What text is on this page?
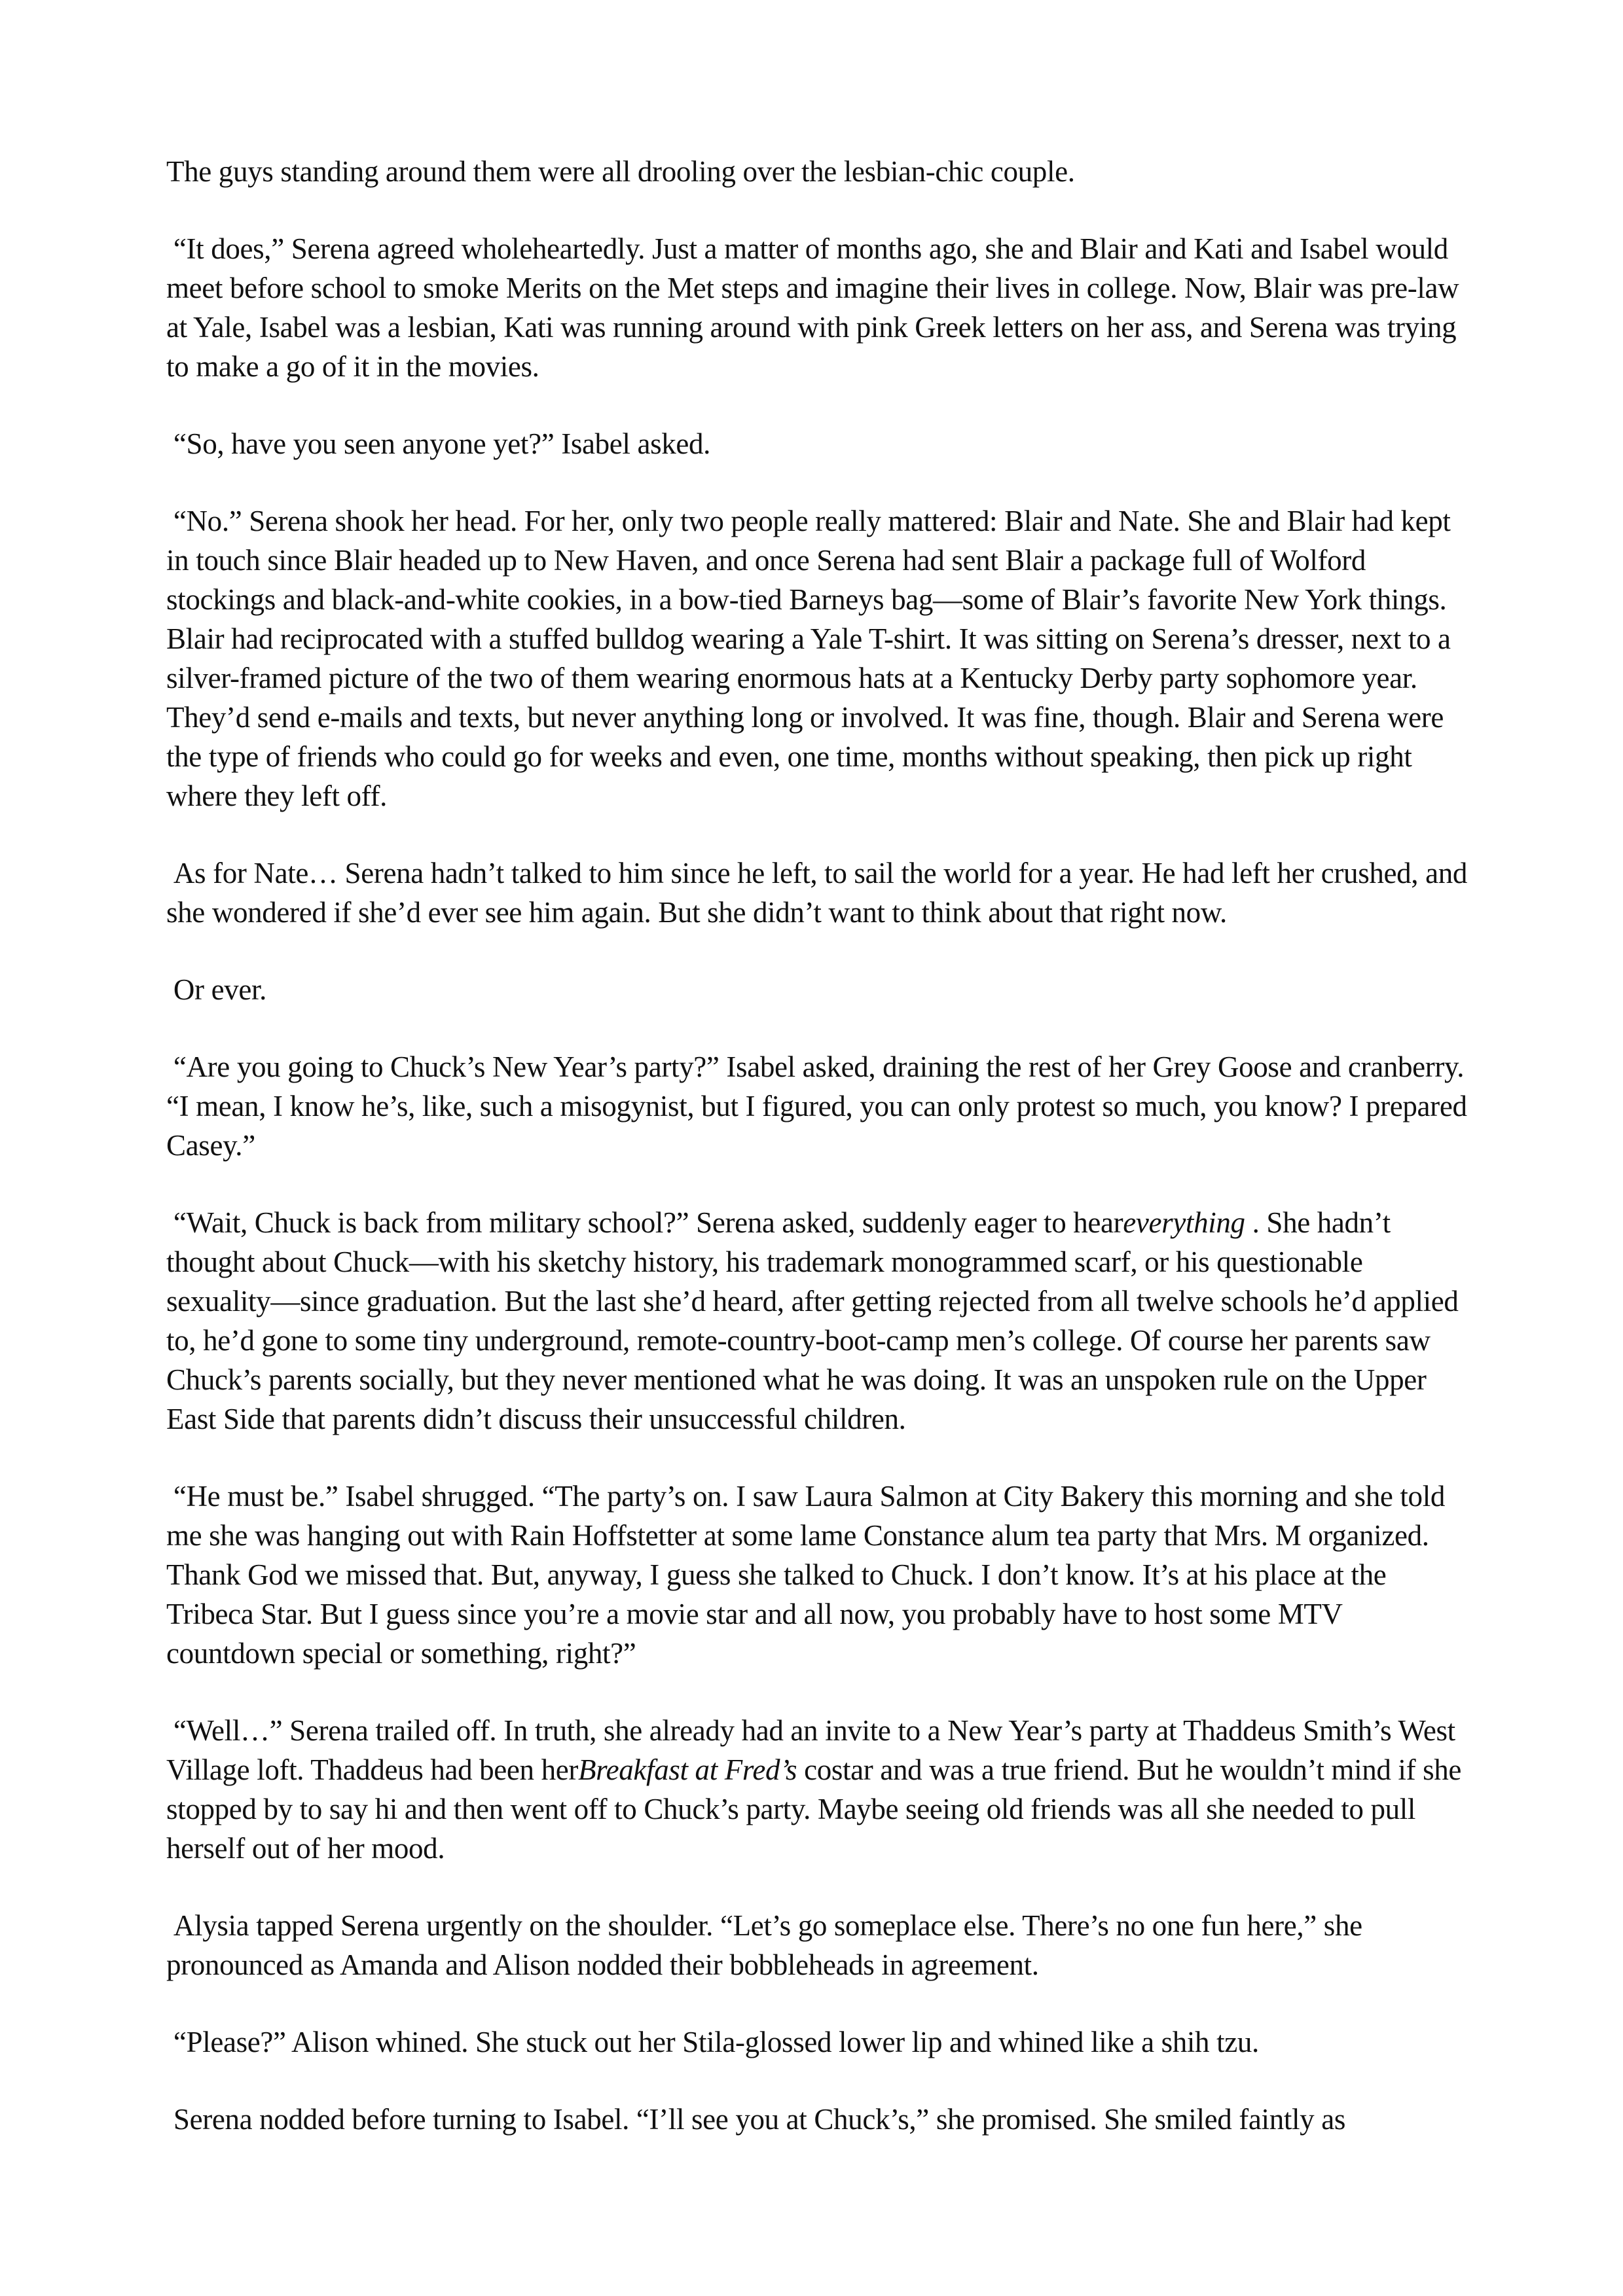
The guys standing around them were all drooling over the lesbian-chic couple.

“It does,” Serena agreed wholeheartedly. Just a matter of months ago, she and Blair and Kati and Isabel would meet before school to smoke Merits on the Met steps and imagine their lives in college. Now, Blair was pre-law at Yale, Isabel was a lesbian, Kati was running around with pink Greek letters on her ass, and Serena was trying to make a go of it in the movies.

“So, have you seen anyone yet?” Isabel asked.

“No.” Serena shook her head. For her, only two people really mattered: Blair and Nate. She and Blair had kept in touch since Blair headed up to New Haven, and once Serena had sent Blair a package full of Wolford stockings and black-and-white cookies, in a bow-tied Barneys bag—some of Blair’s favorite New York things. Blair had reciprocated with a stuffed bulldog wearing a Yale T-shirt. It was sitting on Serena’s dresser, next to a silver-framed picture of the two of them wearing enormous hats at a Kentucky Derby party sophomore year. They’d send e-mails and texts, but never anything long or involved. It was fine, though. Blair and Serena were the type of friends who could go for weeks and even, one time, months without speaking, then pick up right where they left off.

As for Nate… Serena hadn’t talked to him since he left, to sail the world for a year. He had left her crushed, and she wondered if she’d ever see him again. But she didn’t want to think about that right now.

Or ever.

“Are you going to Chuck’s New Year’s party?” Isabel asked, draining the rest of her Grey Goose and cranberry. “I mean, I know he’s, like, such a misogynist, but I figured, you can only protest so much, you know? I prepared Casey.”

“Wait, Chuck is back from military school?” Serena asked, suddenly eager to heareverything . She hadn’t thought about Chuck—with his sketchy history, his trademark monogrammed scarf, or his questionable sexuality—since graduation. But the last she’d heard, after getting rejected from all twelve schools he’d applied to, he’d gone to some tiny underground, remote-country-boot-camp men’s college. Of course her parents saw Chuck’s parents socially, but they never mentioned what he was doing. It was an unspoken rule on the Upper East Side that parents didn’t discuss their unsuccessful children.

“He must be.” Isabel shrugged. “The party’s on. I saw Laura Salmon at City Bakery this morning and she told me she was hanging out with Rain Hoffstetter at some lame Constance alum tea party that Mrs. M organized. Thank God we missed that. But, anyway, I guess she talked to Chuck. I don’t know. It’s at his place at the Tribeca Star. But I guess since you’re a movie star and all now, you probably have to host some MTV countdown special or something, right?”

“Well…” Serena trailed off. In truth, she already had an invite to a New Year’s party at Thaddeus Smith’s West Village loft. Thaddeus had been herBreakfast at Fred’s costar and was a true friend. But he wouldn’t mind if she stopped by to say hi and then went off to Chuck’s party. Maybe seeing old friends was all she needed to pull herself out of her mood.

Alysia tapped Serena urgently on the shoulder. “Let’s go someplace else. There’s no one fun here,” she pronounced as Amanda and Alison nodded their bobbleheads in agreement.

“Please?” Alison whined. She stuck out her Stila-glossed lower lip and whined like a shih tzu.

Serena nodded before turning to Isabel. “I’ll see you at Chuck’s,” she promised. She smiled faintly as
